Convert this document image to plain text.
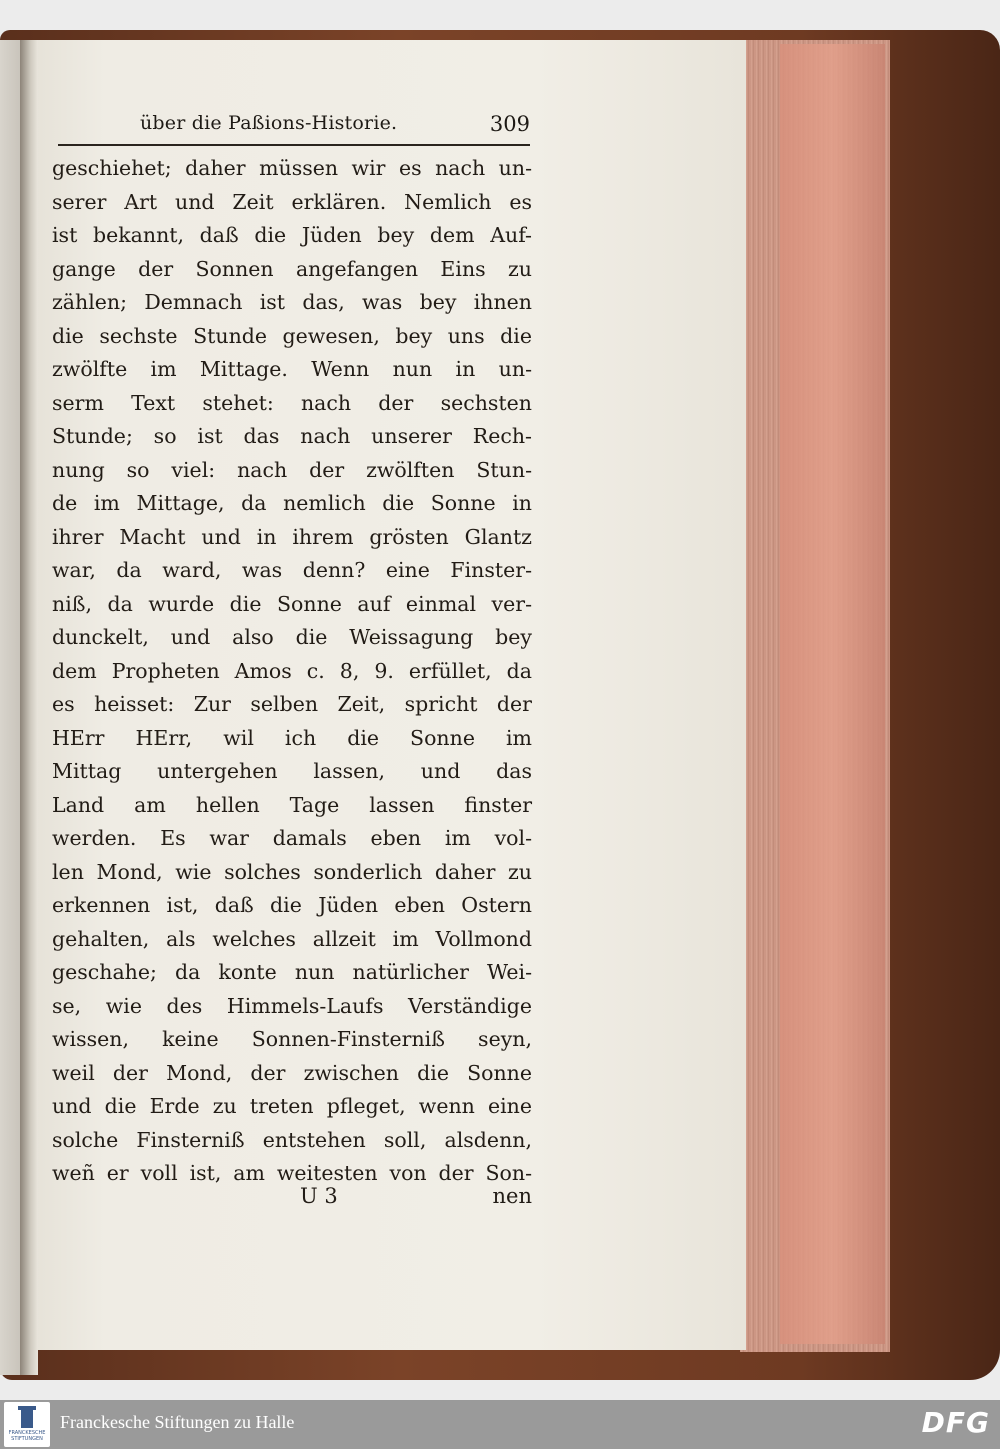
über die Paßions-Historie.	309
geschiehet; daher müssen wir es nach un-
serer Art und Zeit erklären. Nemlich es
ist bekannt, daß die Jüden bey dem Auf-
gange der Sonnen angefangen Eins zu
zählen; Demnach ist das, was bey ihnen
die sechste Stunde gewesen, bey uns die
zwölfte im Mittage. Wenn nun in un-
serm Text stehet: nach der sechsten
Stunde; so ist das nach unserer Rech-
nung so viel: nach der zwölften Stun-
de im Mittage, da nemlich die Sonne in
ihrer Macht und in ihrem grösten Glantz
war, da ward, was denn? eine Finster-
niß, da wurde die Sonne auf einmal ver-
dunckelt, und also die Weissagung bey
dem Propheten Amos c. 8, 9. erfüllet, da
es heisset: Zur selben Zeit, spricht der
HErr HErr, wil ich die Sonne im
Mittag untergehen lassen, und das
Land am hellen Tage lassen finster
werden. Es war damals eben im vol-
len Mond, wie solches sonderlich daher zu
erkennen ist, daß die Jüden eben Ostern
gehalten, als welches allzeit im Vollmond
geschahe; da konte nun natürlicher Wei-
se, wie des Himmels-Laufs Verständige
wissen, keine Sonnen-Finsterniß seyn,
weil der Mond, der zwischen die Sonne
und die Erde zu treten pfleget, wenn eine
solche Finsterniß entstehen soll, alsdenn,
weñ er voll ist, am weitesten von der Son-
U 3	nen
FRANCKESCHE STIFTUNGEN
Franckesche Stiftungen zu Halle	DFG
